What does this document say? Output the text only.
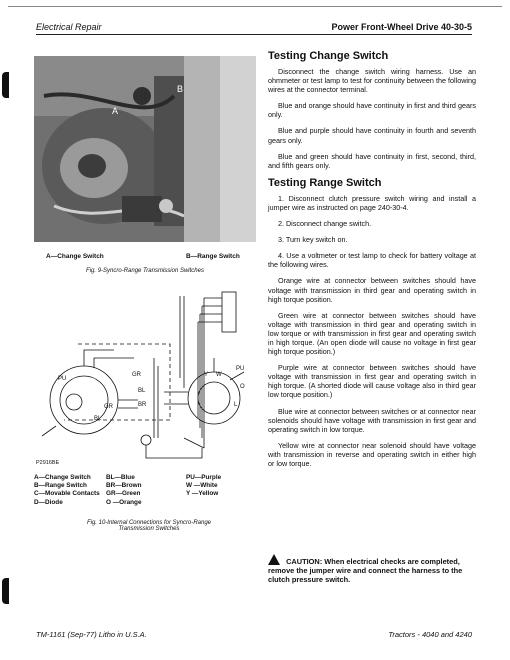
Electrical Repair	Power Front-Wheel Drive 40-30-5
A
B
A—Change Switch	B—Range Switch
Fig. 9-Syncro-Range Transmission Switches
PU
PU
O
GR
GR
BL
BR
Y W
L
BL
P2916BE
A—Change Switch
B—Range Switch
C—Movable Contacts
D—Diode
BL—Blue
BR—Brown
GR—Green
O —Orange
PU—Purple
W —White
Y —Yellow
Fig. 10-Internal Connections for Syncro-Range
Transmission Switches
Testing Change Switch
Disconnect the change switch wiring harness. Use an ohmmeter or test lamp to test for continuity between the following wires at the connector terminal.
Blue and orange should have continuity in first and third gears only.
Blue and purple should have continuity in fourth and seventh gears only.
Blue and green should have continuity in first, second, third, and fifth gears only.
Testing Range Switch
1. Disconnect clutch pressure switch wiring and install a jumper wire as instructed on page 240-30-4.
2. Disconnect change switch.
3. Turn key switch on.
4. Use a voltmeter or test lamp to check for battery voltage at the following wires.
Orange wire at connector between switches should have voltage with transmission in third gear and operating switch in high torque position.
Green wire at connector between switches should have voltage with transmission in third gear and operating switch in low torque or with transmission in first gear and operating switch in high torque. (An open diode will cause no voltage in first gear high torque position.)
Purple wire at connector between switches should have voltage with transmission in first gear and operating switch in high torque. (A shorted diode will cause voltage also in third gear low torque position.)
Blue wire at connector between switches or at connector near solenoids should have voltage with transmission in first gear and operating switch in low torque.
Yellow wire at connector near solenoid should have voltage with transmission in reverse and operating switch in either high or low torque.
CAUTION: When electrical checks are completed, remove the jumper wire and connect the harness to the clutch pressure switch.
TM-1161 (Sep-77) Litho in U.S.A.	Tractors - 4040 and 4240
